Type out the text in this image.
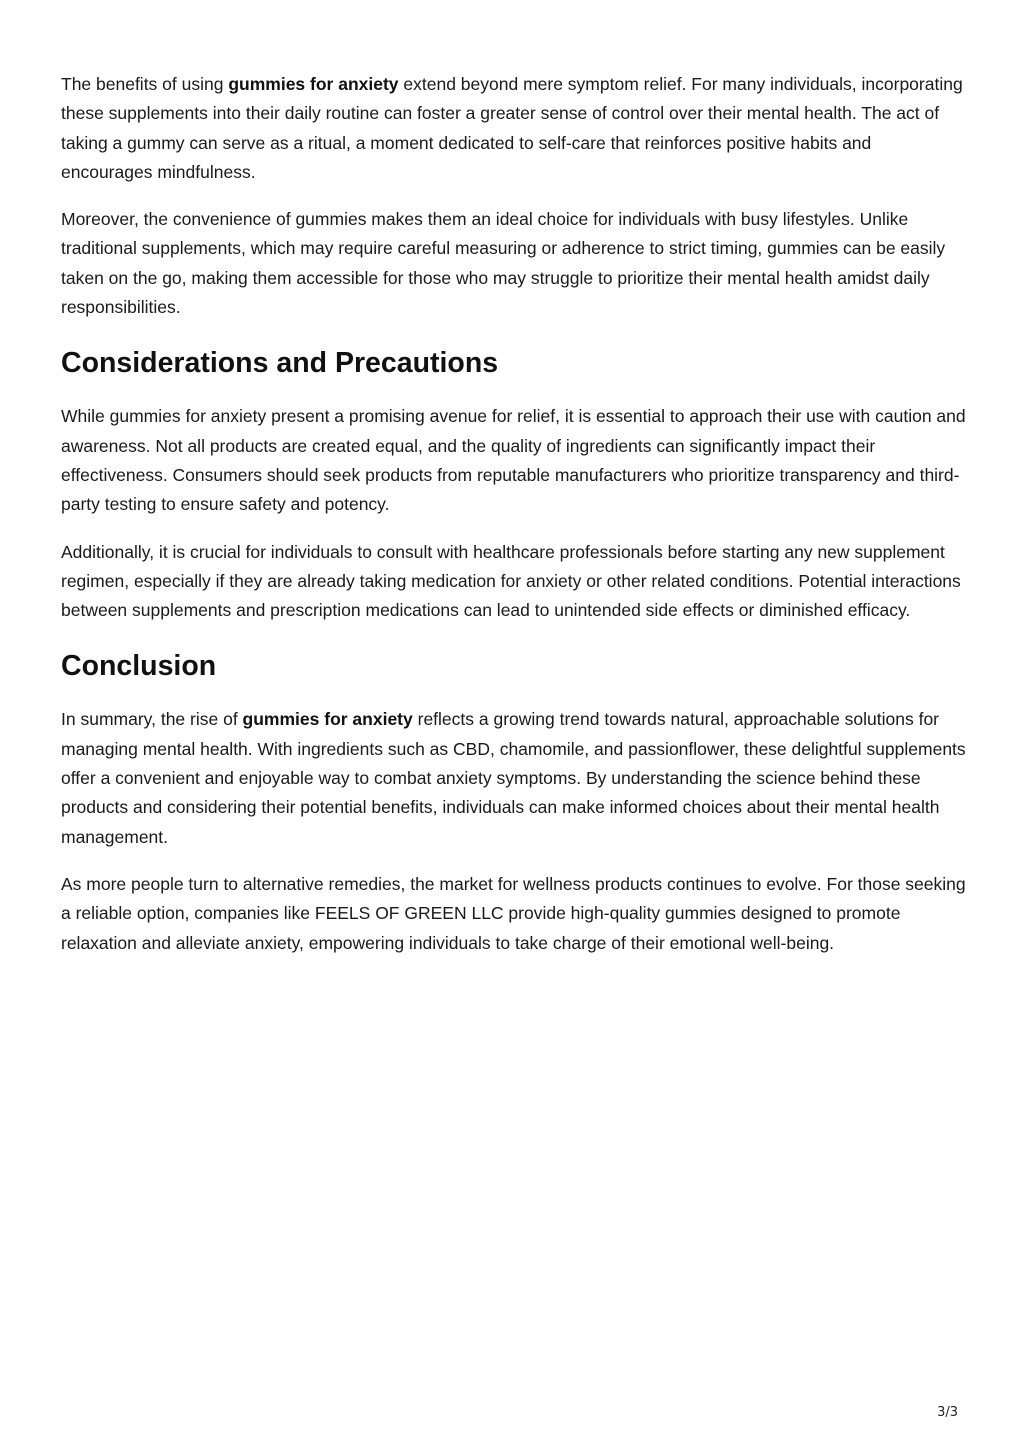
The benefits of using gummies for anxiety extend beyond mere symptom relief. For many individuals, incorporating these supplements into their daily routine can foster a greater sense of control over their mental health. The act of taking a gummy can serve as a ritual, a moment dedicated to self-care that reinforces positive habits and encourages mindfulness.

Moreover, the convenience of gummies makes them an ideal choice for individuals with busy lifestyles. Unlike traditional supplements, which may require careful measuring or adherence to strict timing, gummies can be easily taken on the go, making them accessible for those who may struggle to prioritize their mental health amidst daily responsibilities.

Considerations and Precautions

While gummies for anxiety present a promising avenue for relief, it is essential to approach their use with caution and awareness. Not all products are created equal, and the quality of ingredients can significantly impact their effectiveness. Consumers should seek products from reputable manufacturers who prioritize transparency and third-party testing to ensure safety and potency.

Additionally, it is crucial for individuals to consult with healthcare professionals before starting any new supplement regimen, especially if they are already taking medication for anxiety or other related conditions. Potential interactions between supplements and prescription medications can lead to unintended side effects or diminished efficacy.

Conclusion

In summary, the rise of gummies for anxiety reflects a growing trend towards natural, approachable solutions for managing mental health. With ingredients such as CBD, chamomile, and passionflower, these delightful supplements offer a convenient and enjoyable way to combat anxiety symptoms. By understanding the science behind these products and considering their potential benefits, individuals can make informed choices about their mental health management.

As more people turn to alternative remedies, the market for wellness products continues to evolve. For those seeking a reliable option, companies like FEELS OF GREEN LLC provide high-quality gummies designed to promote relaxation and alleviate anxiety, empowering individuals to take charge of their emotional well-being.

3/3
